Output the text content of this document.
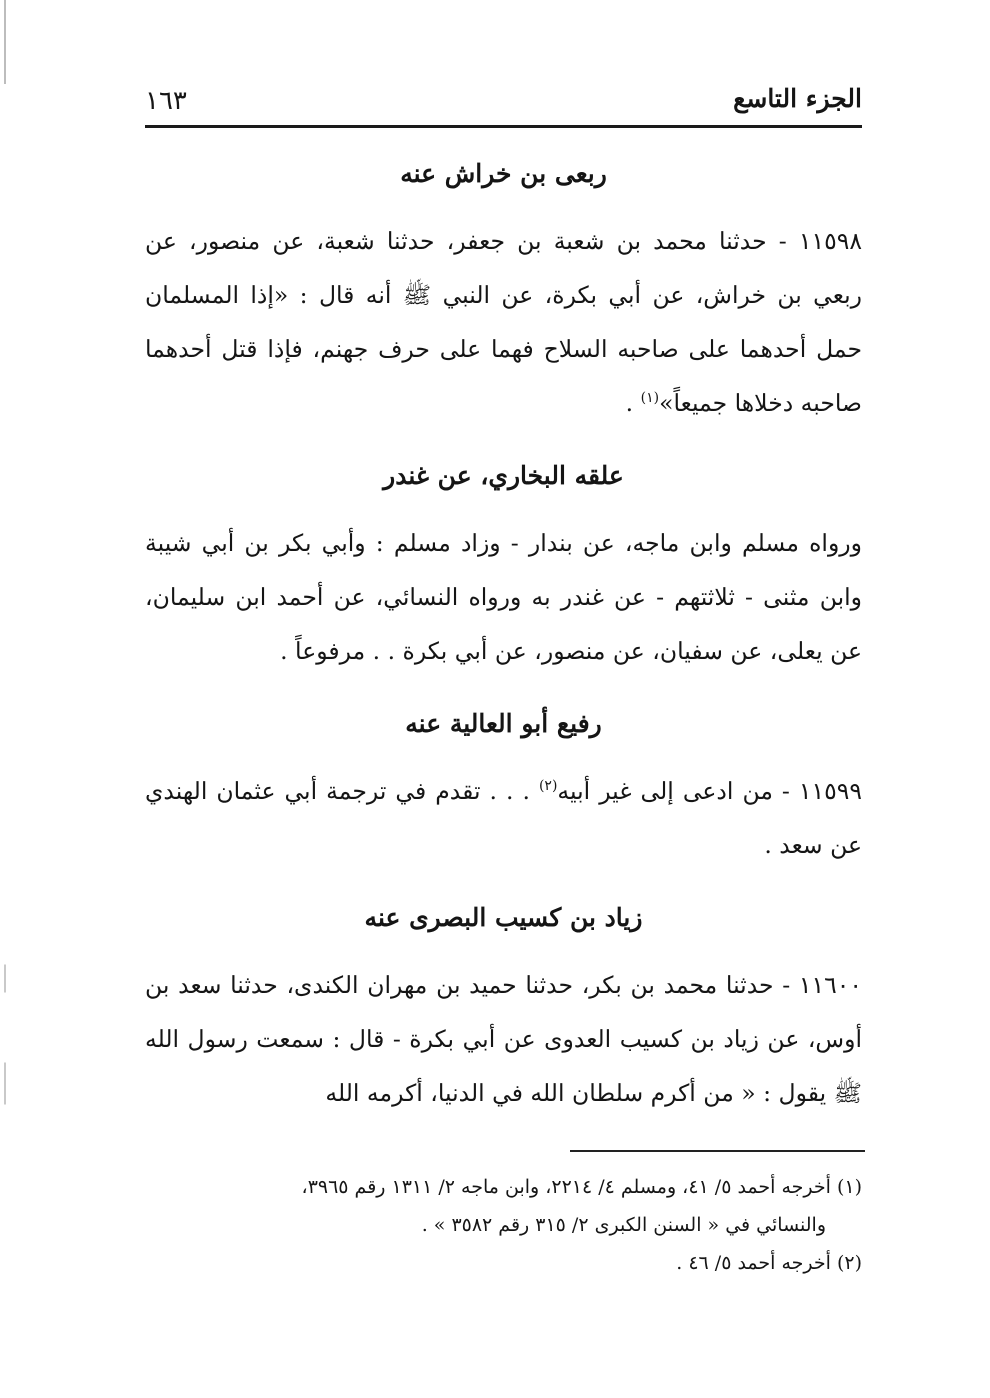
١٦٣	الجزء التاسع
ربعى بن خراش عنه

١١٥٩٨ - حدثنا محمد بن شعبة بن جعفر، حدثنا شعبة، عن منصور، عن ربعي بن خراش، عن أبي بكرة، عن النبي ﷺ أنه قال : «إذا المسلمان حمل أحدهما على صاحبه السلاح فهما على حرف جهنم، فإذا قتل أحدهما صاحبه دخلاها جميعاً»$^{(١)}$ .

علقه البخاري، عن غندر

ورواه مسلم وابن ماجه، عن بندار - وزاد مسلم : وأبي بكر بن أبي شيبة وابن مثنى - ثلاثتهم - عن غندر به ورواه النسائي، عن أحمد ابن سليمان، عن يعلى، عن سفيان، عن منصور، عن أبي بكرة . . مرفوعاً .

رفيع أبو العالية عنه

١١٥٩٩ - من ادعى إلى غير أبيه$^{(٢)}$ . . . تقدم في ترجمة أبي عثمان الهندي عن سعد .

زياد بن كسيب البصرى عنه

١١٦٠٠ - حدثنا محمد بن بكر، حدثنا حميد بن مهران الكندى، حدثنا سعد بن أوس، عن زياد بن كسيب العدوى عن أبي بكرة - قال : سمعت رسول الله ﷺ يقول : « من أكرم سلطان الله في الدنيا، أكرمه الله

(١) أخرجه أحمد ٥/ ٤١، ومسلم ٤/ ٢٢١٤، وابن ماجه ٢/ ١٣١١ رقم ٣٩٦٥،
والنسائي في « السنن الكبرى ٢/ ٣١٥ رقم ٣٥٨٢ » .

(٢) أخرجه أحمد ٥/ ٤٦ .
